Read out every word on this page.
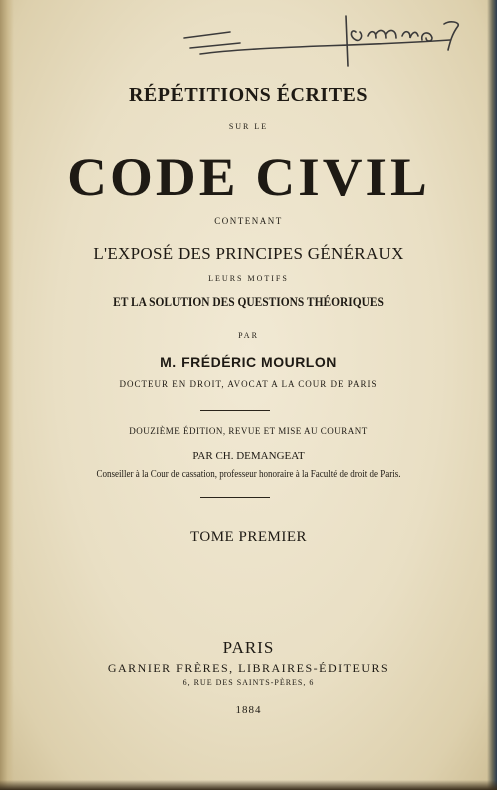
RÉPÉTITIONS ÉCRITES
SUR LE
CODE CIVIL
CONTENANT
L'EXPOSÉ DES PRINCIPES GÉNÉRAUX
LEURS MOTIFS
ET LA SOLUTION DES QUESTIONS THÉORIQUES
PAR
M. FRÉDÉRIC MOURLON
DOCTEUR EN DROIT, AVOCAT A LA COUR DE PARIS
DOUZIÈME ÉDITION, REVUE ET MISE AU COURANT
PAR CH. DEMANGEAT
Conseiller à la Cour de cassation, professeur honoraire à la Faculté de droit de Paris.
TOME PREMIER
PARIS
GARNIER FRÈRES, LIBRAIRES-ÉDITEURS
6, RUE DES SAINTS-PÈRES, 6
1884
